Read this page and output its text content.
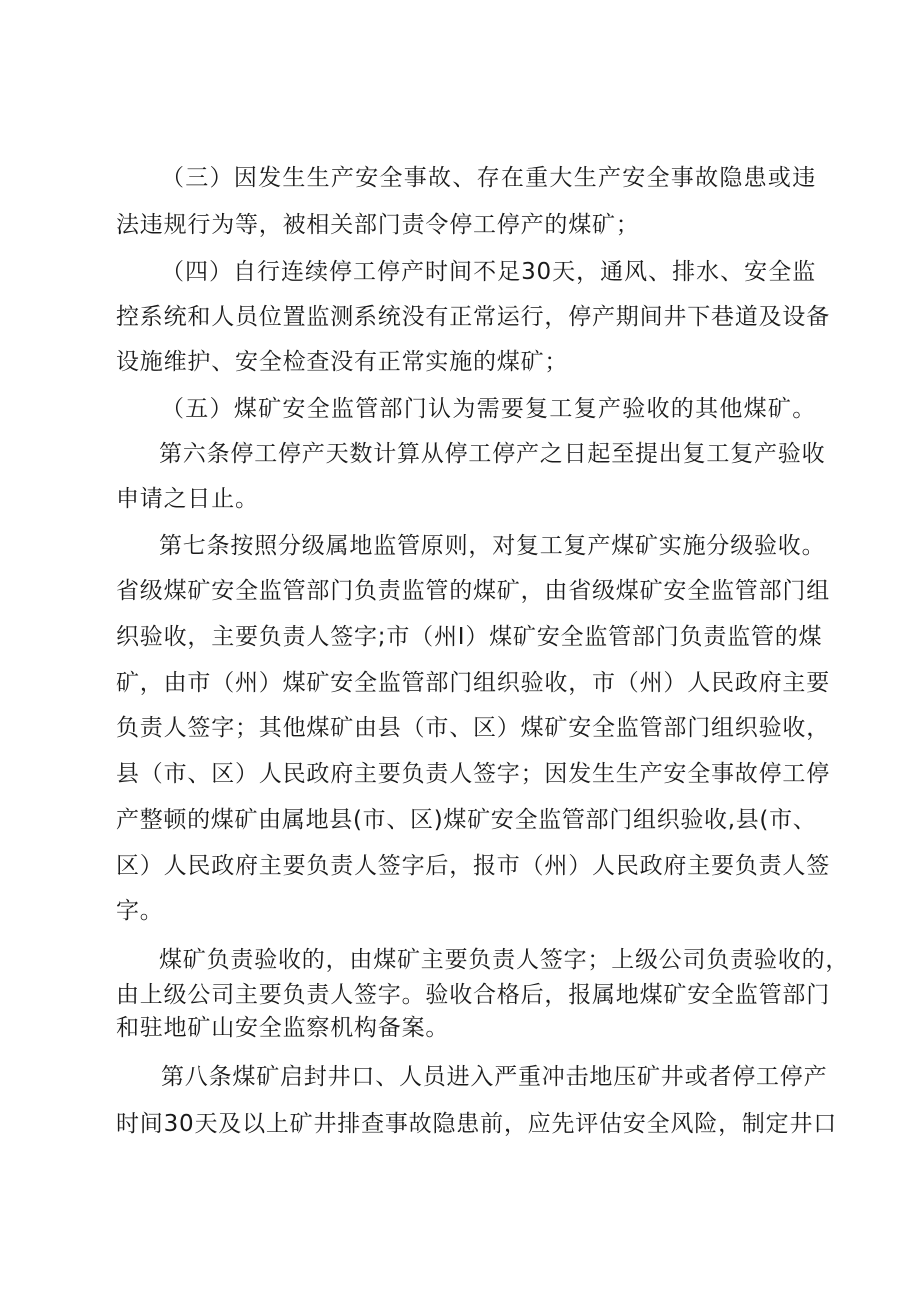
（三）因发生生产安全事故、存在重大生产安全事故隐患或违
法违规行为等，被相关部门责令停工停产的煤矿；
（四）自行连续停工停产时间不足30天，通风、排水、安全监
控系统和人员位置监测系统没有正常运行，停产期间井下巷道及设备
设施维护、安全检查没有正常实施的煤矿；
（五）煤矿安全监管部门认为需要复工复产验收的其他煤矿。
第六条停工停产天数计算从停工停产之日起至提出复工复产验收
申请之日止。
第七条按照分级属地监管原则，对复工复产煤矿实施分级验收。
省级煤矿安全监管部门负责监管的煤矿，由省级煤矿安全监管部门组
织验收，主要负责人签字;市（州I）煤矿安全监管部门负责监管的煤
矿，由市（州）煤矿安全监管部门组织验收，市（州）人民政府主要
负责人签字；其他煤矿由县（市、区）煤矿安全监管部门组织验收，
县（市、区）人民政府主要负责人签字；因发生生产安全事故停工停
产整顿的煤矿由属地县(市、区)煤矿安全监管部门组织验收,县(市、
区）人民政府主要负责人签字后，报市（州）人民政府主要负责人签
字。
煤矿负责验收的，由煤矿主要负责人签字；上级公司负责验收的，
由上级公司主要负责人签字。验收合格后，报属地煤矿安全监管部门
和驻地矿山安全监察机构备案。
第八条煤矿启封井口、人员进入严重冲击地压矿井或者停工停产
时间30天及以上矿井排查事故隐患前，应先评估安全风险，制定井口
